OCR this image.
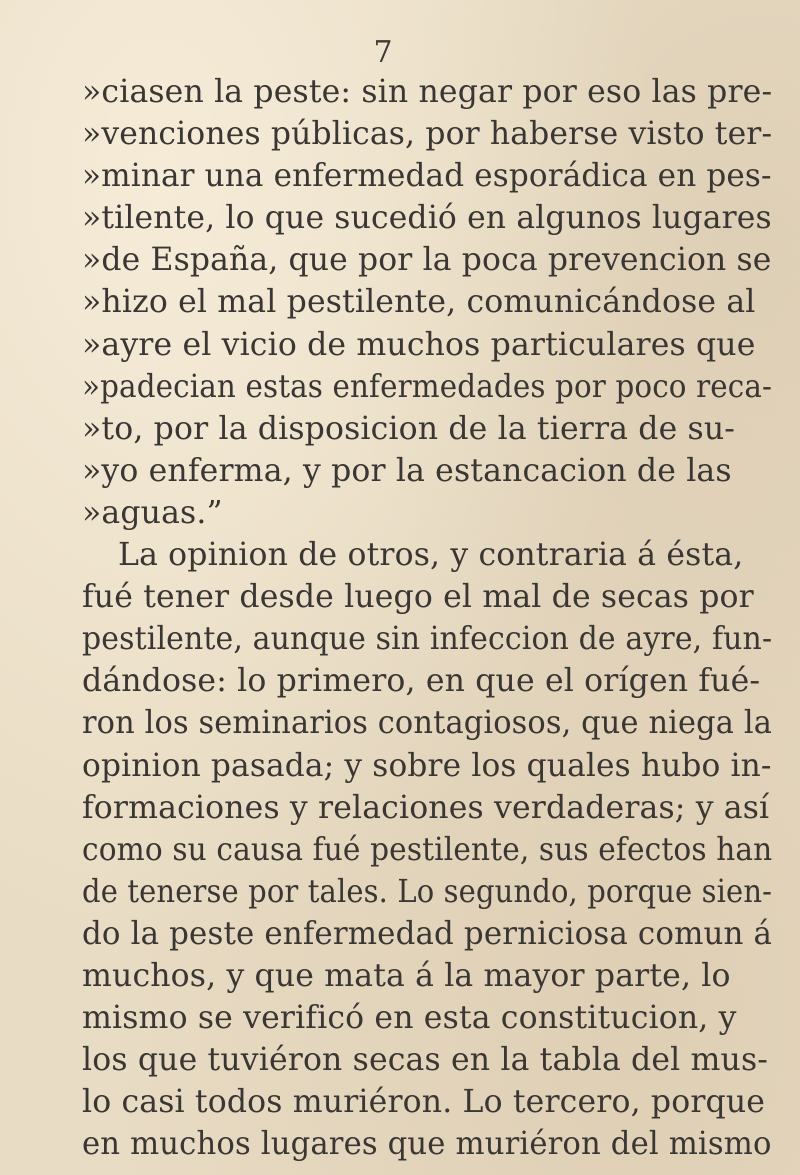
7
»ciasen la peste: sin negar por eso las pre-
»venciones públicas, por haberse visto ter-
»minar una enfermedad esporádica en pes-
»tilente, lo que sucedió en algunos lugares
»de España, que por la poca prevencion se
»hizo el mal pestilente, comunicándose al
»ayre el vicio de muchos particulares que
»padecian estas enfermedades por poco reca-
»to, por la disposicion de la tierra de su-
»yo enferma, y por la estancacion de las
»aguas.”
La opinion de otros, y contraria á ésta,
fué tener desde luego el mal de secas por
pestilente, aunque sin infeccion de ayre, fun-
dándose: lo primero, en que el orígen fué-
ron los seminarios contagiosos, que niega la
opinion pasada; y sobre los quales hubo in-
formaciones y relaciones verdaderas; y así
como su causa fué pestilente, sus efectos han
de tenerse por tales. Lo segundo, porque sien-
do la peste enfermedad perniciosa comun á
muchos, y que mata á la mayor parte, lo
mismo se verificó en esta constitucion, y
los que tuviéron secas en la tabla del mus-
lo casi todos muriéron. Lo tercero, porque
en muchos lugares que muriéron del mismo
